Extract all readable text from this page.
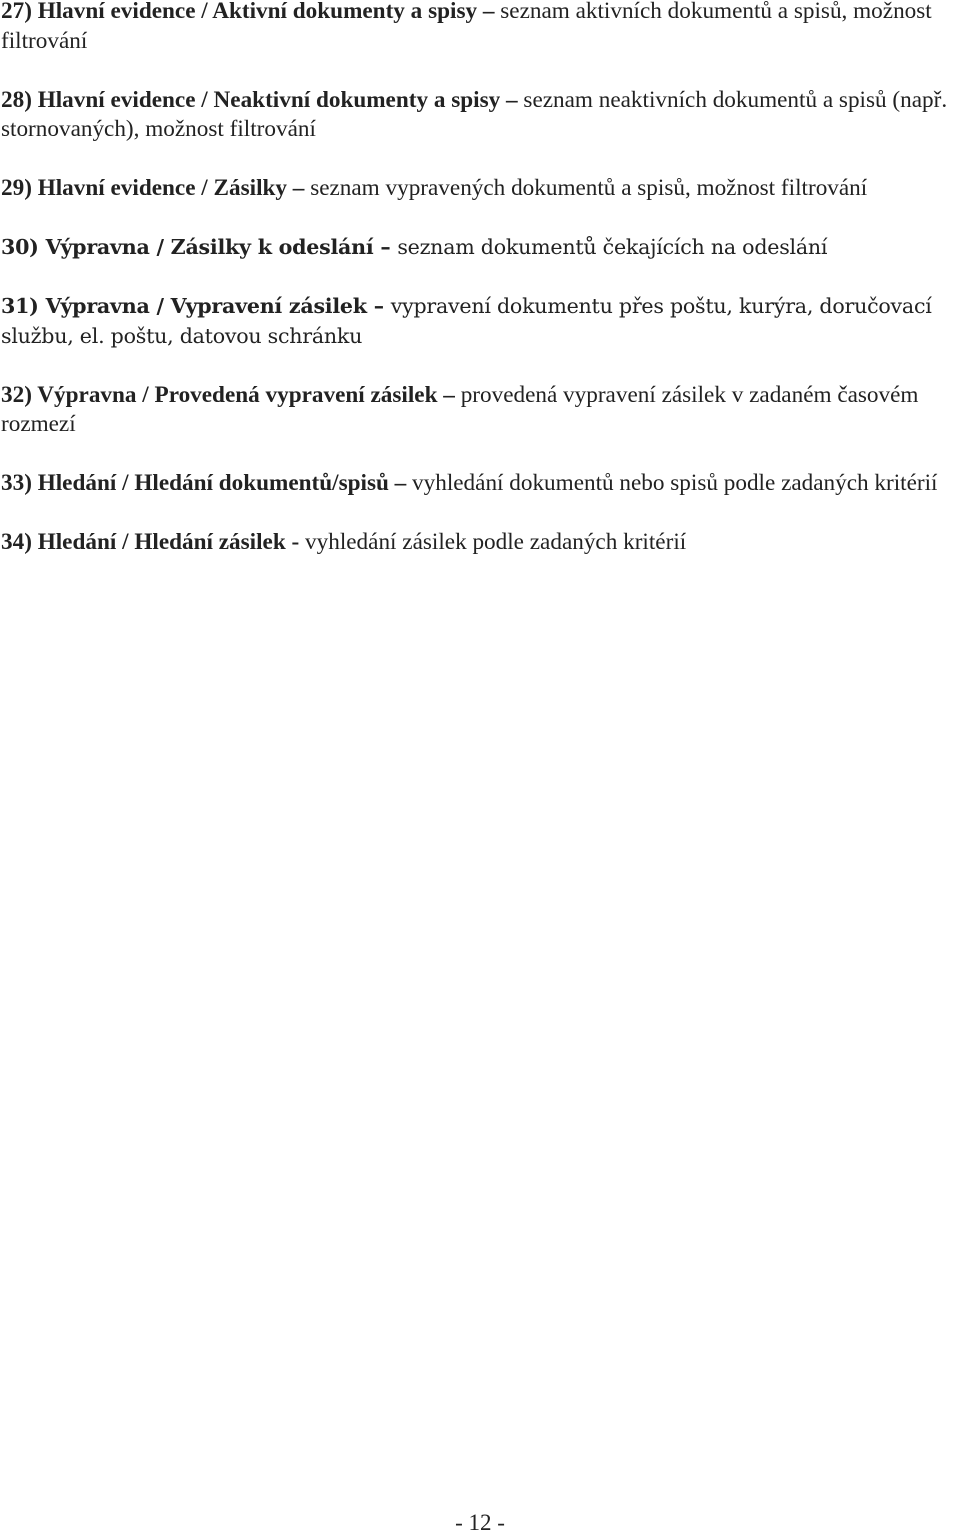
27) Hlavní evidence / Aktivní dokumenty a spisy – seznam aktivních dokumentů a spisů, možnost filtrování

28) Hlavní evidence / Neaktivní dokumenty a spisy – seznam neaktivních dokumentů a spisů (např. stornovaných), možnost filtrování

29) Hlavní evidence / Zásilky – seznam vypravených dokumentů a spisů, možnost filtrování

30) Výpravna / Zásilky k odeslání – seznam dokumentů čekajících na odeslání

31) Výpravna / Vypravení zásilek – vypravení dokumentu přes poštu, kurýra, doručovací službu, el. poštu, datovou schránku

32) Výpravna / Provedená vypravení zásilek – provedená vypravení zásilek v zadaném časovém rozmezí

33) Hledání / Hledání dokumentů/spisů – vyhledání dokumentů nebo spisů podle zadaných kritérií

34) Hledání / Hledání zásilek - vyhledání zásilek podle zadaných kritérií

- 12 -
